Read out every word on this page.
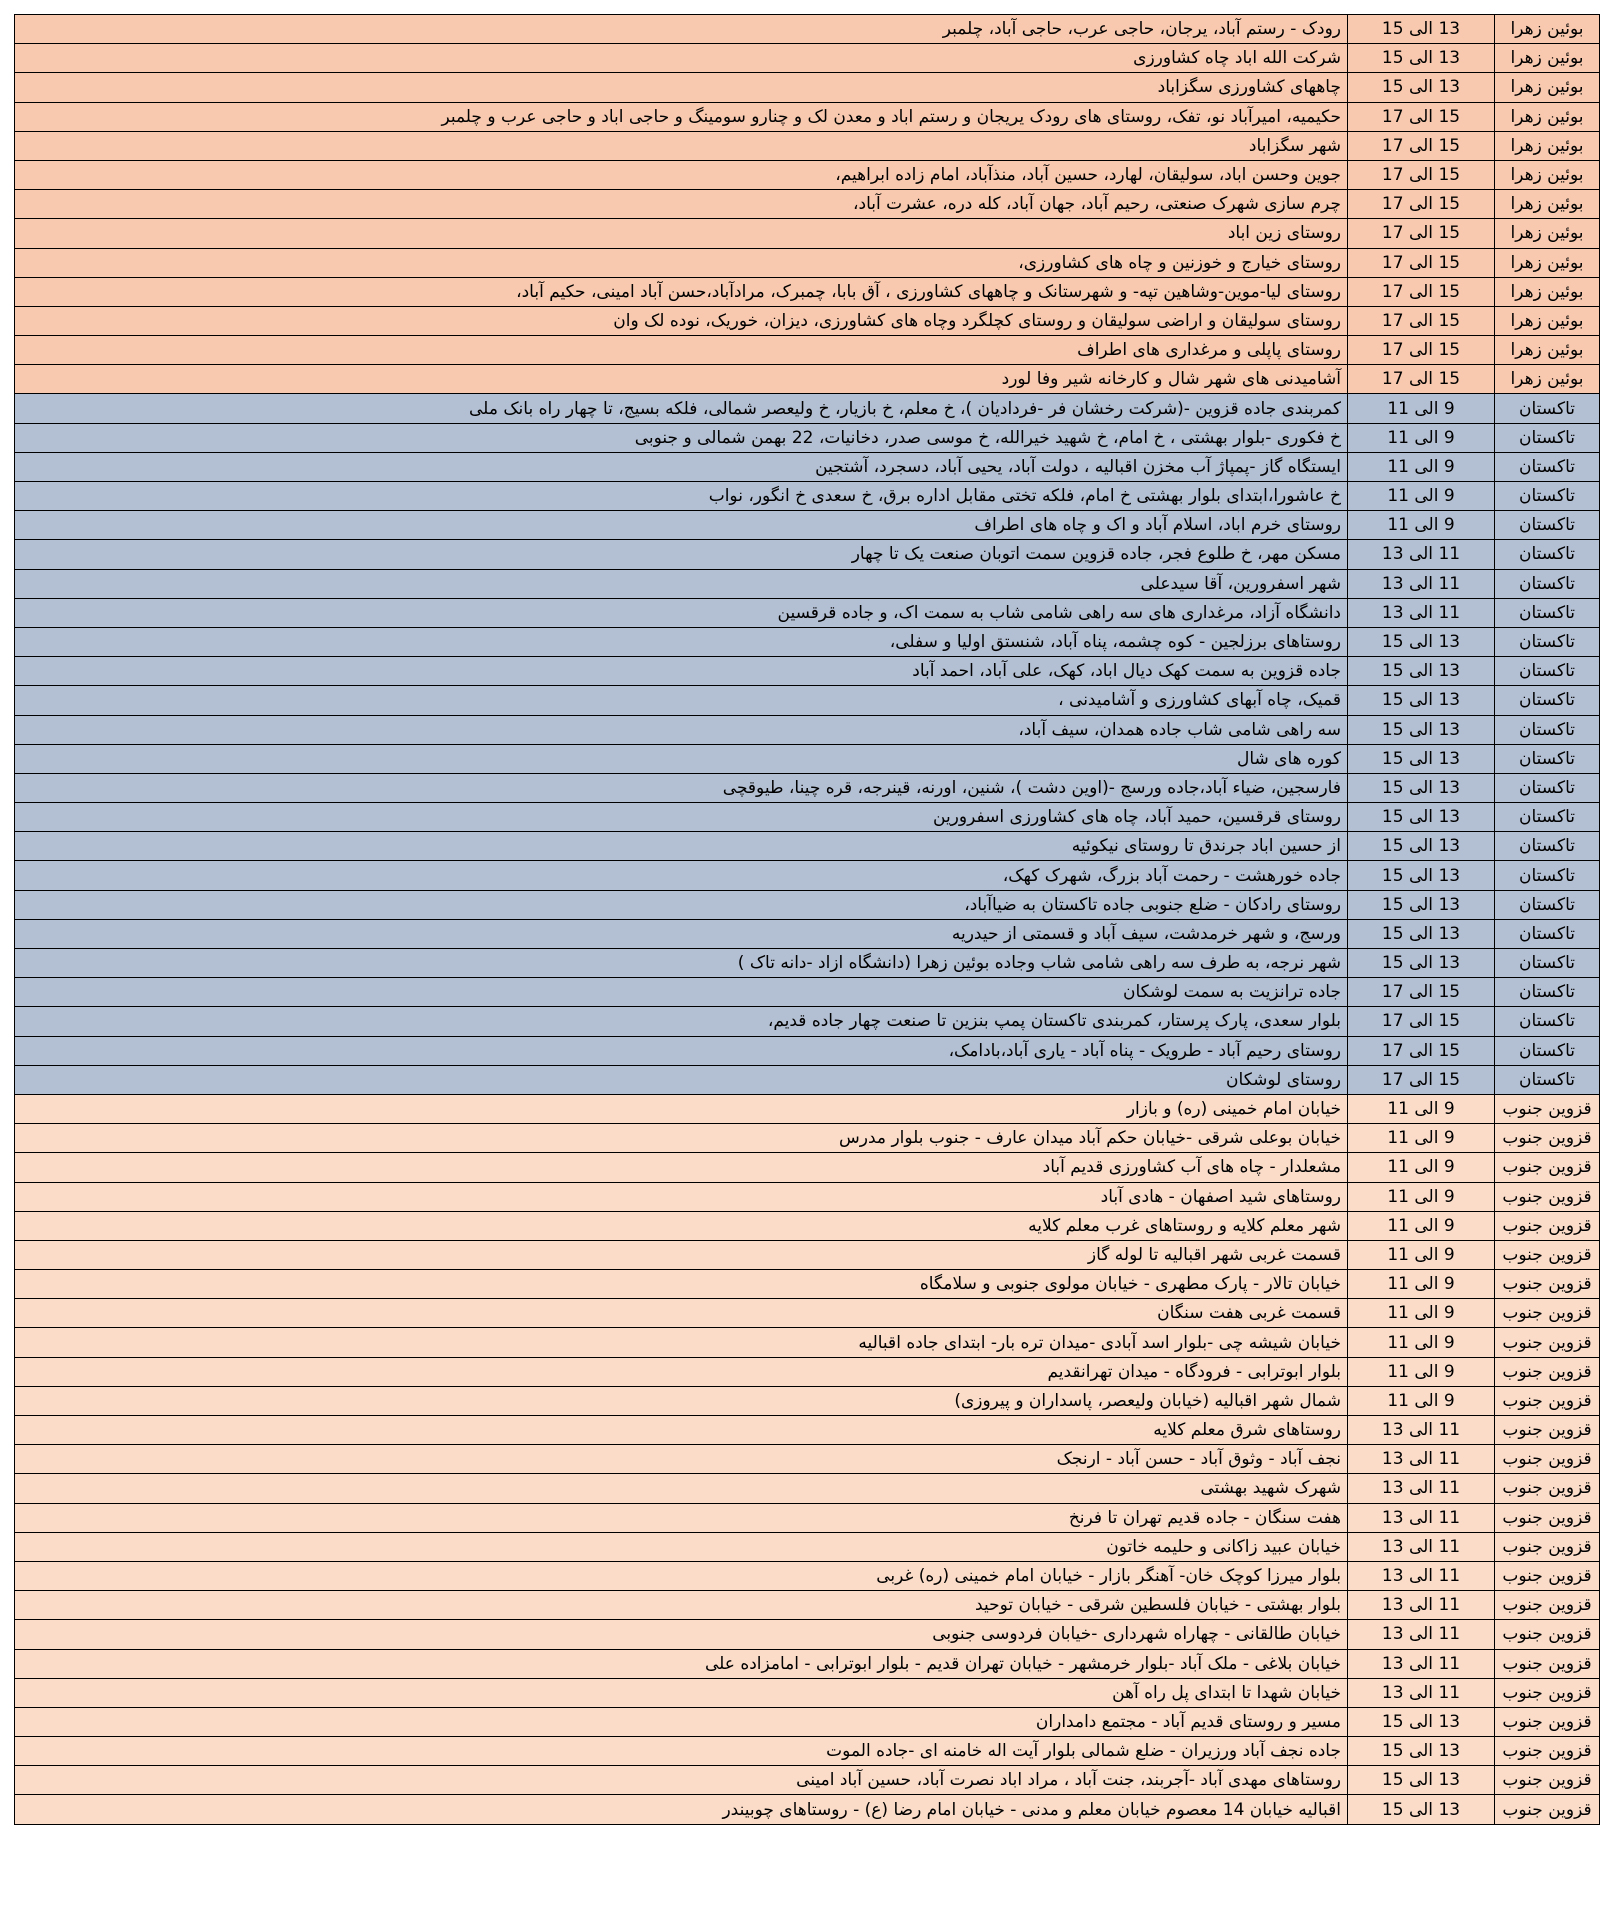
بوئین زهرا	13 الی 15	رودک - رستم آباد، یرجان، حاجی عرب، حاجی آباد، چلمبر
بوئین زهرا	13 الی 15	شرکت الله اباد چاه کشاورزی
بوئین زهرا	13 الی 15	چاههای کشاورزی سگزاباد
بوئین زهرا	15 الی 17	حکیمیه، امیرآباد نو، تفک، روستای های رودک یریجان و رستم اباد و معدن لک و چنارو سومینگ و حاجی اباد و حاجی عرب و چلمبر
بوئین زهرا	15 الی 17	شهر سگزاباد
بوئین زهرا	15 الی 17	جوین وحسن اباد، سولیقان، لهارد، حسین آباد، منذآباد، امام زاده ابراهیم،
بوئین زهرا	15 الی 17	چرم سازی شهرک صنعتی، رحیم آباد، جهان آباد، کله دره، عشرت آباد،
بوئین زهرا	15 الی 17	روستای زین اباد
بوئین زهرا	15 الی 17	روستای خیارج و خوزنین و چاه های کشاورزی،
بوئین زهرا	15 الی 17	روستای لیا-موین-وشاهین تپه- و شهرستانک و چاههای کشاورزی ، آق بابا، چمبرک، مرادآباد،حسن آباد امینی، حکیم آباد،
بوئین زهرا	15 الی 17	روستای سولیقان و اراضی سولیقان و روستای کچلگرد وچاه های کشاورزی، دیزان، خوریک، نوده لک وان
بوئین زهرا	15 الی 17	روستای پاپلی و مرغداری های اطراف
بوئین زهرا	15 الی 17	آشامیدنی های شهر شال و کارخانه شیر وفا لورد
تاکستان	9 الی 11	کمربندی جاده قزوین -(شرکت رخشان فر -فردادیان )، خ معلم، خ بازیار، خ ولیعصر شمالی، فلکه بسیج، تا چهار راه بانک ملی
تاکستان	9 الی 11	خ فکوری -بلوار بهشتی ، خ امام، خ شهید خیرالله، خ موسی صدر، دخانیات، 22 بهمن شمالی و جنوبی
تاکستان	9 الی 11	ایستگاه گاز -پمپاژ آب مخزن اقبالیه ، دولت آباد، یحیی آباد، دسجرد، آشتجین
تاکستان	9 الی 11	خ عاشورا،ابتدای بلوار بهشتی خ امام، فلکه تختی مقابل اداره برق، خ سعدی خ انگور، نواب
تاکستان	9 الی 11	روستای خرم اباد، اسلام آباد و اک و چاه های اطراف
تاکستان	11 الی 13	مسکن مهر، خ طلوع فجر، جاده قزوین سمت اتوبان صنعت یک تا چهار
تاکستان	11 الی 13	شهر اسفرورین، آقا سیدعلی
تاکستان	11 الی 13	دانشگاه آزاد، مرغداری های سه راهی شامی شاب به سمت اک، و جاده قرقسین
تاکستان	13 الی 15	روستاهای برزلجین - کوه چشمه، پناه آباد، شنستق اولیا و سفلی،
تاکستان	13 الی 15	جاده قزوین به سمت کهک دیال اباد، کهک، علی آباد، احمد آباد
تاکستان	13 الی 15	قمیک، چاه آبهای کشاورزی و آشامیدنی ،
تاکستان	13 الی 15	سه راهی شامی شاب جاده همدان، سیف آباد،
تاکستان	13 الی 15	کوره های شال
تاکستان	13 الی 15	فارسجین، ضیاء آباد،جاده ورسج -(اوین دشت )، شنین، اورنه، قینرجه، قره چینا، طیوقچی
تاکستان	13 الی 15	روستای قرقسین، حمید آباد، چاه های کشاورزی اسفرورین
تاکستان	13 الی 15	از حسین اباد جرندق تا روستای نیکوئیه
تاکستان	13 الی 15	جاده خورهشت - رحمت آباد بزرگ، شهرک کهک،
تاکستان	13 الی 15	روستای رادکان - ضلع جنوبی جاده تاکستان به ضیاآباد،
تاکستان	13 الی 15	ورسج، و شهر خرمدشت، سیف آباد و قسمتی از حیدریه
تاکستان	13 الی 15	شهر نرجه، به طرف سه راهی شامی شاب وجاده بوئین زهرا (دانشگاه ازاد -دانه تاک )
تاکستان	15 الی 17	جاده ترانزیت به سمت لوشکان
تاکستان	15 الی 17	بلوار سعدی، پارک پرستار، کمربندی تاکستان پمپ بنزین تا صنعت چهار جاده قدیم،
تاکستان	15 الی 17	روستای رحیم آباد - طرویک - پناه آباد - یاری آباد،بادامک،
تاکستان	15 الی 17	روستای لوشکان
قزوین جنوب	9 الی 11	خیابان امام خمینی (ره) و بازار
قزوین جنوب	9 الی 11	خیابان بوعلی شرقی -خیابان حکم آباد میدان عارف - جنوب بلوار مدرس
قزوین جنوب	9 الی 11	مشعلدار - چاه های آب کشاورزی قدیم آباد
قزوین جنوب	9 الی 11	روستاهای شید اصفهان - هادی آباد
قزوین جنوب	9 الی 11	شهر معلم کلایه و روستاهای غرب معلم کلایه
قزوین جنوب	9 الی 11	قسمت غربی شهر اقبالیه تا لوله گاز
قزوین جنوب	9 الی 11	خیابان تالار - پارک مطهری - خیابان مولوی جنوبی و سلامگاه
قزوین جنوب	9 الی 11	قسمت غربی هفت سنگان
قزوین جنوب	9 الی 11	خیابان شیشه چی -بلوار اسد آبادی -میدان تره بار- ابتدای جاده اقبالیه
قزوین جنوب	9 الی 11	بلوار ابوترابی - فرودگاه - میدان تهرانقدیم
قزوین جنوب	9 الی 11	شمال شهر اقبالیه (خیابان ولیعصر، پاسداران و پیروزی)
قزوین جنوب	11 الی 13	روستاهای شرق معلم کلایه
قزوین جنوب	11 الی 13	نجف آباد - وثوق آباد - حسن آباد - ارنجک
قزوین جنوب	11 الی 13	شهرک شهید بهشتی
قزوین جنوب	11 الی 13	هفت سنگان - جاده قدیم تهران تا فرنخ
قزوین جنوب	11 الی 13	خیابان عبید زاکانی و حلیمه خاتون
قزوین جنوب	11 الی 13	بلوار میرزا کوچک خان- آهنگر بازار - خیابان امام خمینی (ره) غربی
قزوین جنوب	11 الی 13	بلوار بهشتی - خیابان فلسطین شرقی - خیابان توحید
قزوین جنوب	11 الی 13	خیابان طالقانی - چهاراه شهرداری -خیابان فردوسی جنوبی
قزوین جنوب	11 الی 13	خیابان بلاغی - ملک آباد -بلوار خرمشهر - خیابان تهران قدیم - بلوار ابوترابی - امامزاده علی
قزوین جنوب	11 الی 13	خیابان شهدا تا ابتدای پل راه آهن
قزوین جنوب	13 الی 15	مسیر و روستای قدیم آباد - مجتمع دامداران
قزوین جنوب	13 الی 15	جاده نجف آباد ورزیران - ضلع شمالی بلوار آیت اله خامنه ای -جاده الموت
قزوین جنوب	13 الی 15	روستاهای مهدی آباد -آجربند، جنت آباد ، مراد اباد نصرت آباد، حسین آباد امینی
قزوین جنوب	13 الی 15	اقبالیه خیابان 14 معصوم خیابان معلم و مدنی - خیابان امام رضا (ع) - روستاهای چوبیندر
